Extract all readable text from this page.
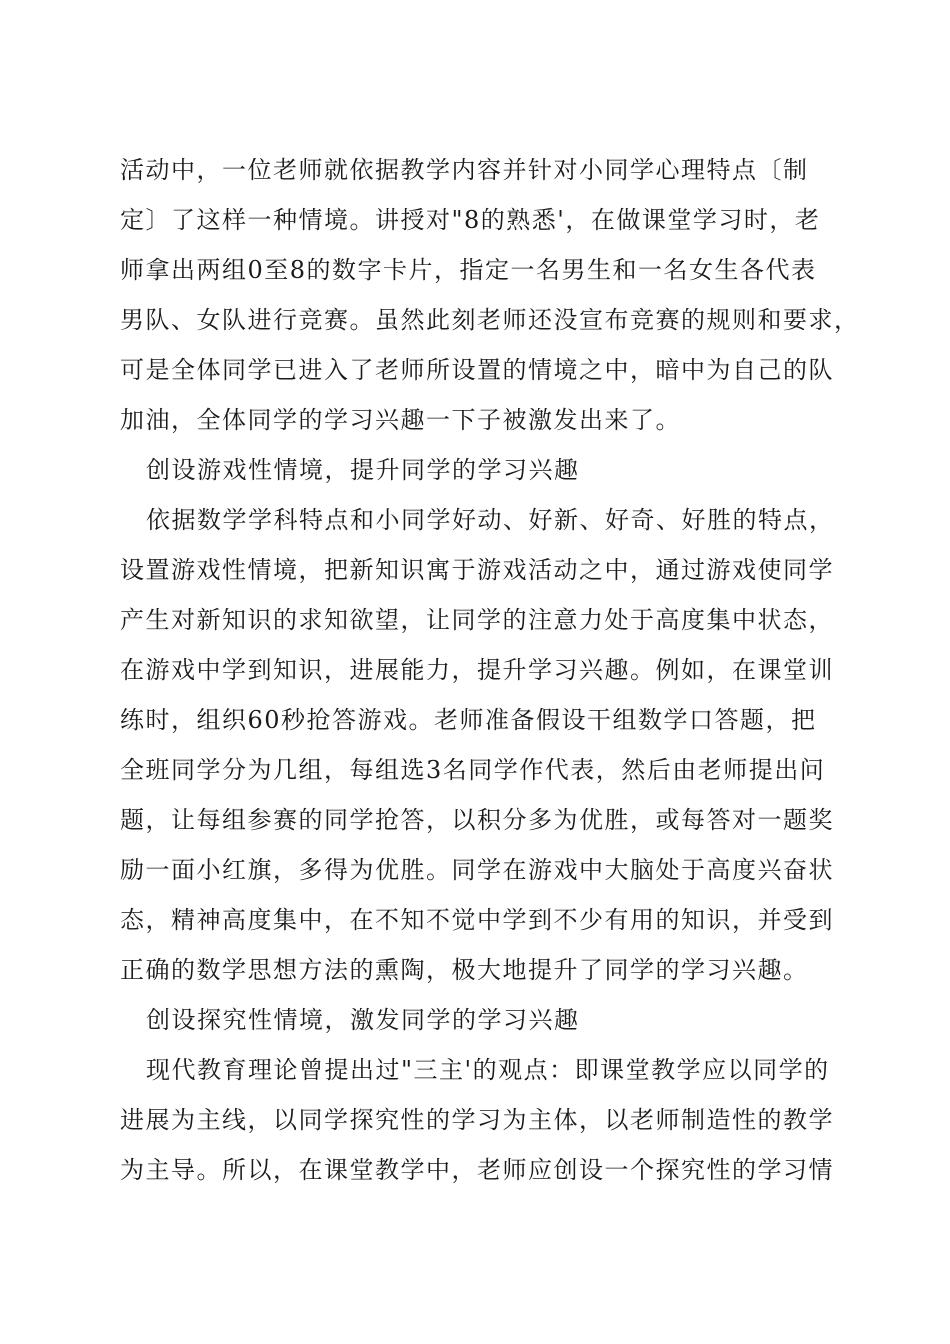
活动中，一位老师就依据教学内容并针对小同学心理特点〔制
定〕了这样一种情境。讲授对"8的熟悉'，在做课堂学习时，老
师拿出两组0至8的数字卡片，指定一名男生和一名女生各代表
男队、女队进行竞赛。虽然此刻老师还没宣布竞赛的规则和要求，
可是全体同学已进入了老师所设置的情境之中，暗中为自己的队
加油，全体同学的学习兴趣一下子被激发出来了。
创设游戏性情境，提升同学的学习兴趣
依据数学学科特点和小同学好动、好新、好奇、好胜的特点，
设置游戏性情境，把新知识寓于游戏活动之中，通过游戏使同学
产生对新知识的求知欲望，让同学的注意力处于高度集中状态，
在游戏中学到知识，进展能力，提升学习兴趣。例如，在课堂训
练时，组织60秒抢答游戏。老师准备假设干组数学口答题，把
全班同学分为几组，每组选3名同学作代表，然后由老师提出问
题，让每组参赛的同学抢答，以积分多为优胜，或每答对一题奖
励一面小红旗，多得为优胜。同学在游戏中大脑处于高度兴奋状
态，精神高度集中，在不知不觉中学到不少有用的知识，并受到
正确的数学思想方法的熏陶，极大地提升了同学的学习兴趣。
创设探究性情境，激发同学的学习兴趣
现代教育理论曾提出过"三主'的观点：即课堂教学应以同学的
进展为主线，以同学探究性的学习为主体，以老师制造性的教学
为主导。所以，在课堂教学中，老师应创设一个探究性的学习情
